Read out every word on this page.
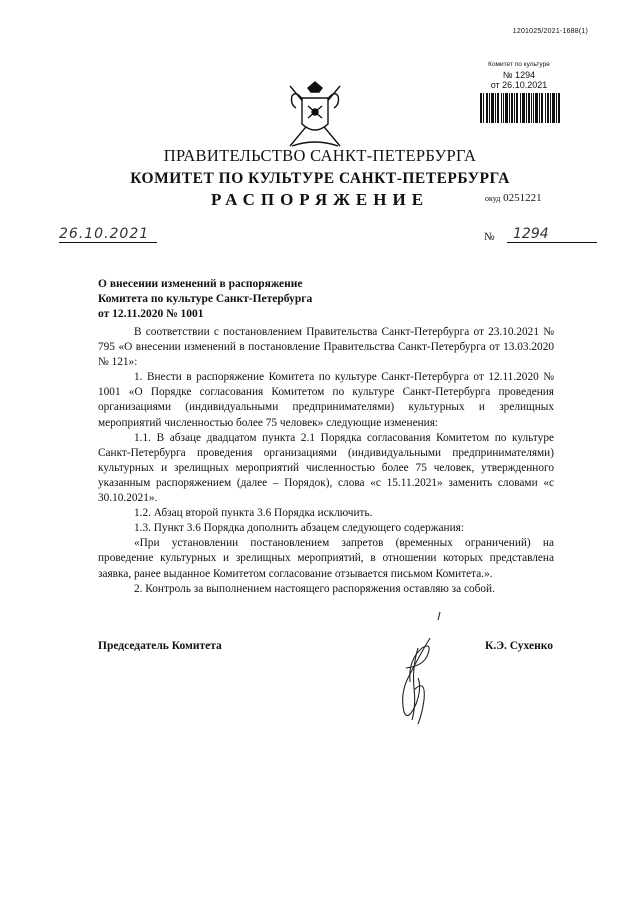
1201025/2021-1688(1)
Комитет по культуре
№ 1294
от 26.10.2021
ПРАВИТЕЛЬСТВО САНКТ-ПЕТЕРБУРГА
КОМИТЕТ ПО КУЛЬТУРЕ САНКТ-ПЕТЕРБУРГА
РАСПОРЯЖЕНИЕ	окуд 0251221
26.10.2021	№	1294
О внесении изменений в распоряжение
Комитета по культуре Санкт-Петербурга
от 12.11.2020 № 1001

В соответствии с постановлением Правительства Санкт-Петербурга от 23.10.2021 № 795 «О внесении изменений в постановление Правительства Санкт-Петербурга от 13.03.2020 № 121»:

1. Внести в распоряжение Комитета по культуре Санкт-Петербурга от 12.11.2020 № 1001 «О Порядке согласования Комитетом по культуре Санкт-Петербурга проведения организациями (индивидуальными предпринимателями) культурных и зрелищных мероприятий численностью более 75 человек» следующие изменения:

1.1. В абзаце двадцатом пункта 2.1 Порядка согласования Комитетом по культуре Санкт-Петербурга проведения организациями (индивидуальными предпринимателями) культурных и зрелищных мероприятий численностью более 75 человек, утвержденного указанным распоряжением (далее – Порядок), слова «с 15.11.2021» заменить словами «с 30.10.2021».

1.2. Абзац второй пункта 3.6 Порядка исключить.

1.3. Пункт 3.6 Порядка дополнить абзацем следующего содержания:

«При установлении постановлением запретов (временных ограничений) на проведение культурных и зрелищных мероприятий, в отношении которых представлена заявка, ранее выданное Комитетом согласование отзывается письмом Комитета.».

2. Контроль за выполнением настоящего распоряжения оставляю за собой.

Председатель Комитета	К.Э. Сухенко
